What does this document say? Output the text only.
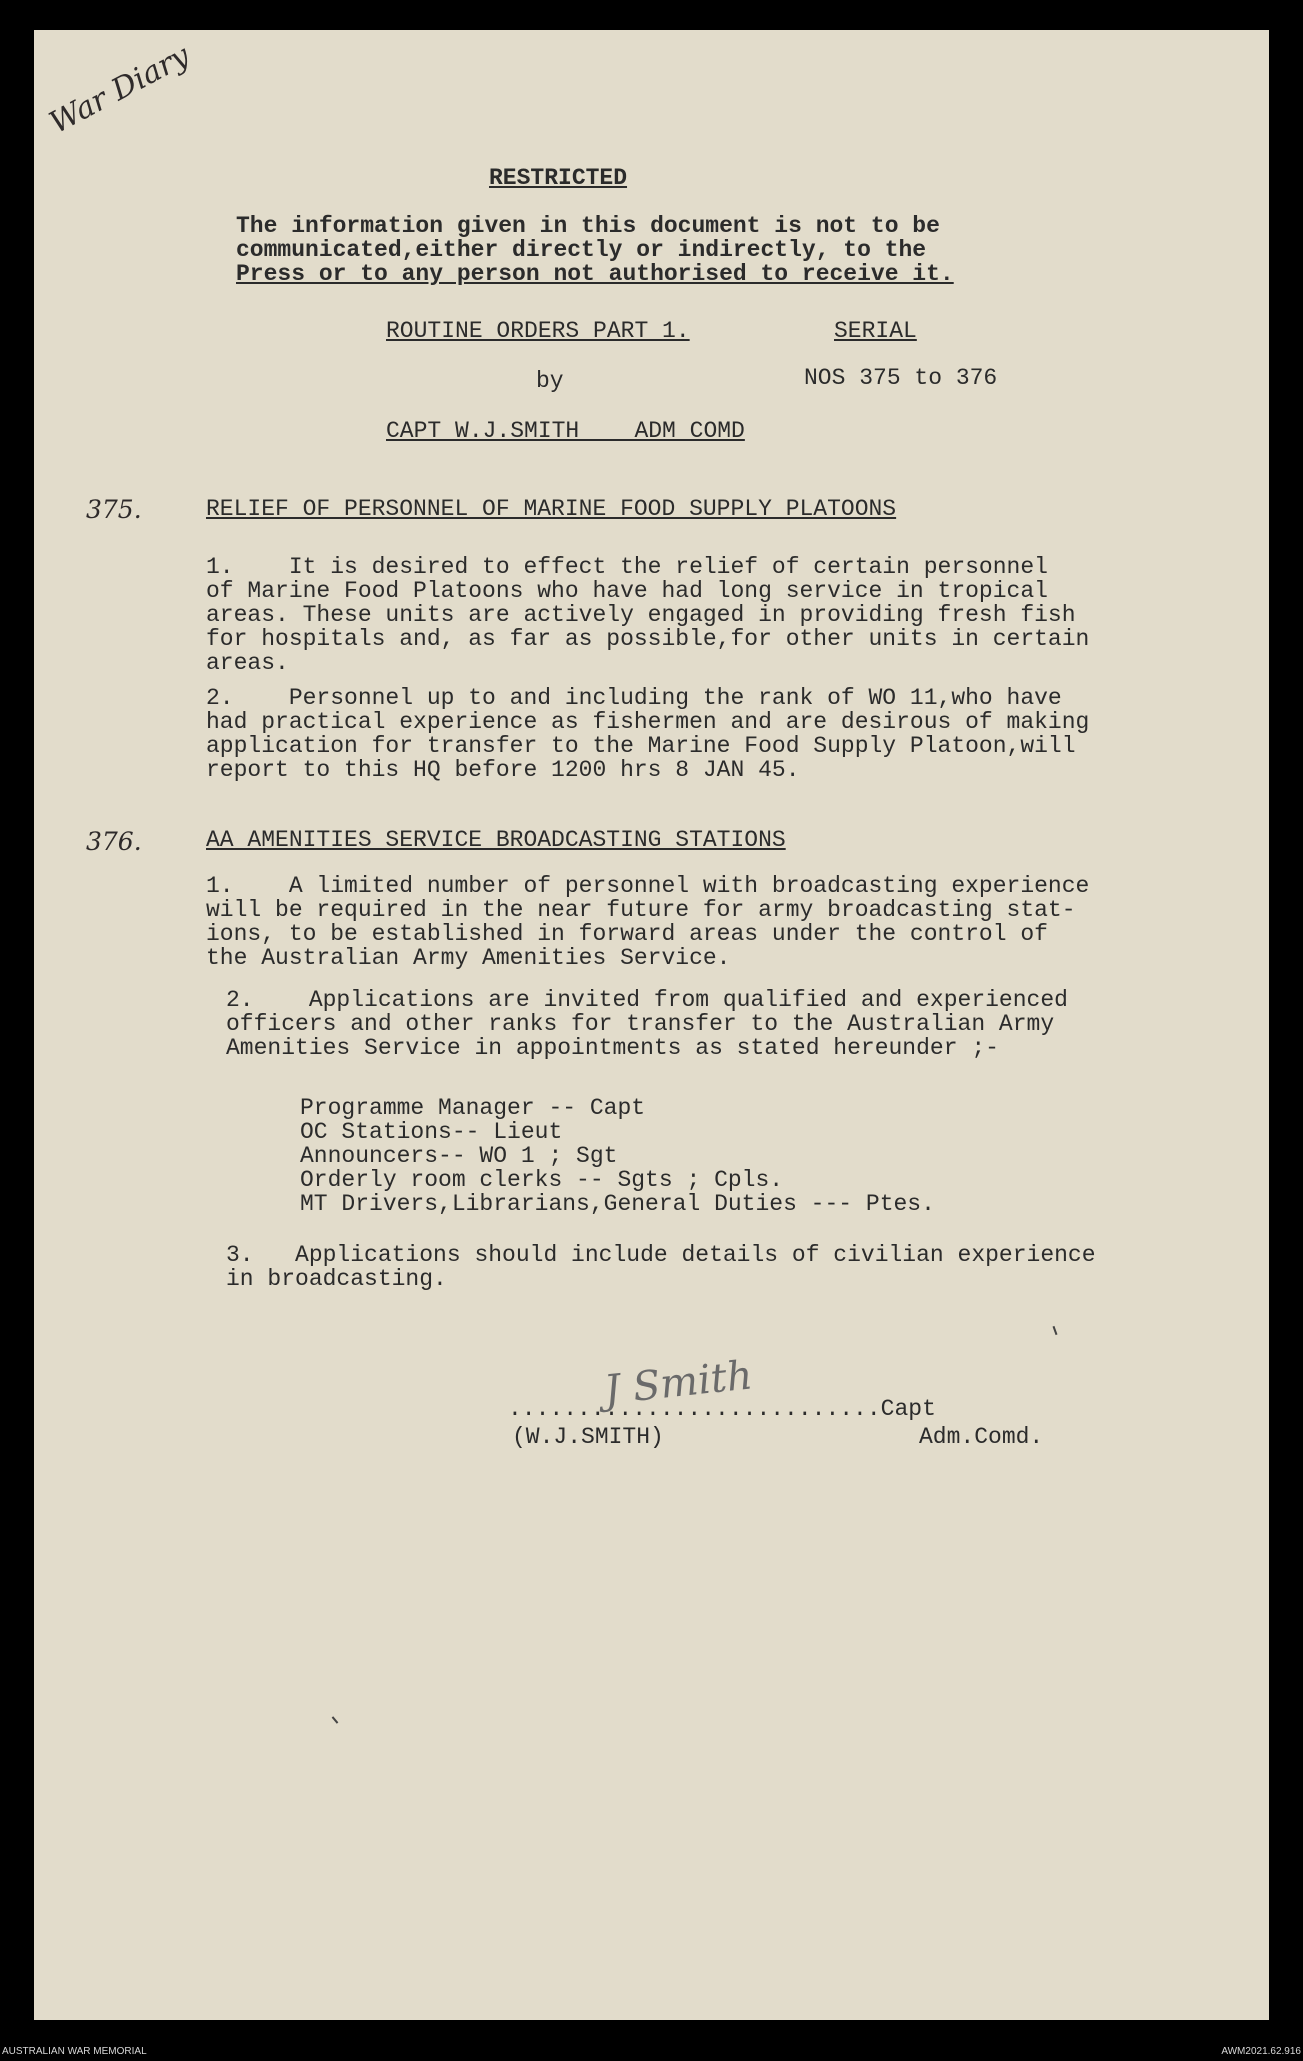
War Diary
RESTRICTED
The information given in this document is not to be
communicated,either directly or indirectly, to the
Press or to any person not authorised to receive it.
ROUTINE ORDERS PART 1.	SERIAL
by	NOS 375 to 376
CAPT W.J.SMITH    ADM COMD
375.	RELIEF OF PERSONNEL OF MARINE FOOD SUPPLY PLATOONS
1.    It is desired to effect the relief of certain personnel
of Marine Food Platoons who have had long service in tropical
areas. These units are actively engaged in providing fresh fish
for hospitals and, as far as possible,for other units in certain
areas.
2.    Personnel up to and including the rank of WO 11,who have
had practical experience as fishermen and are desirous of making
application for transfer to the Marine Food Supply Platoon,will
report to this HQ before 1200 hrs 8 JAN 45.
376.	AA AMENITIES SERVICE BROADCASTING STATIONS
1.    A limited number of personnel with broadcasting experience
will be required in the near future for army broadcasting stat-
ions, to be established in forward areas under the control of
the Australian Army Amenities Service.
2.    Applications are invited from qualified and experienced
officers and other ranks for transfer to the Australian Army
Amenities Service in appointments as stated hereunder ;-
Programme Manager -- Capt
OC Stations-- Lieut
Announcers-- WO 1 ; Sgt
Orderly room clerks -- Sgts ; Cpls.
MT Drivers,Librarians,General Duties --- Ptes.
3.   Applications should include details of civilian experience
in broadcasting.
...........................Capt
J Smith
(W.J.SMITH)	Adm.Comd.
AUSTRALIAN WAR MEMORIAL	AWM2021.62.916
